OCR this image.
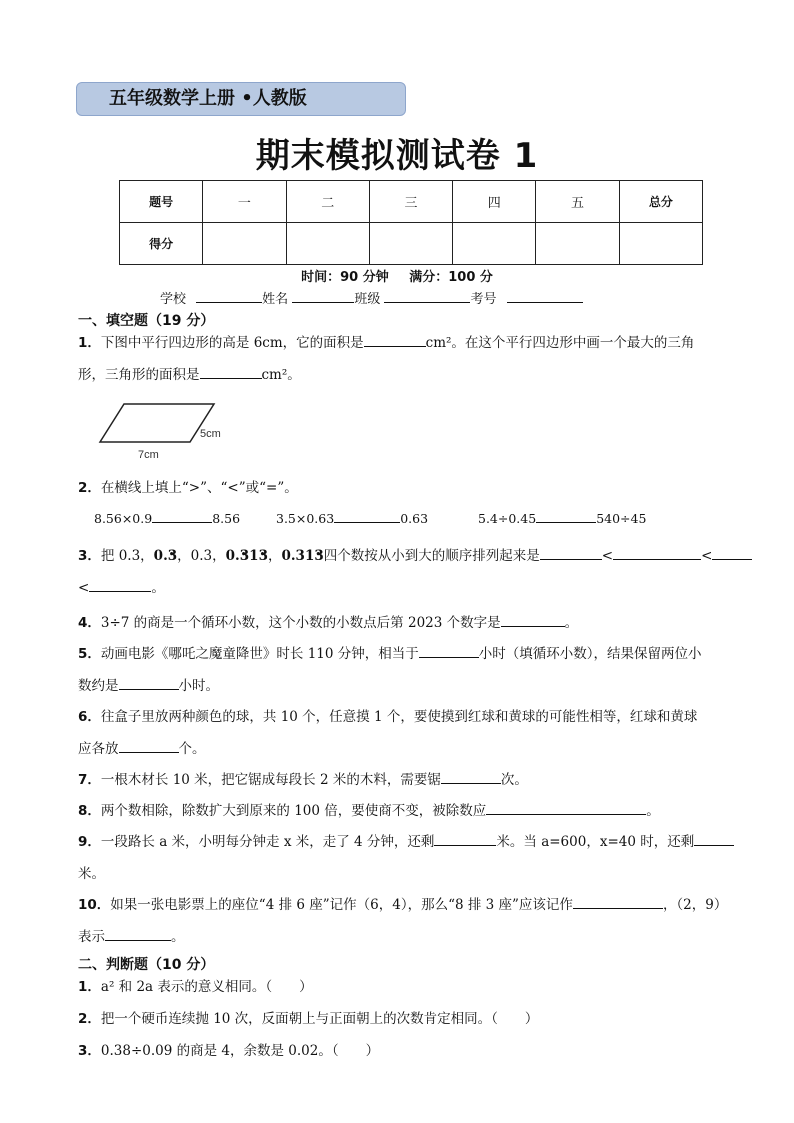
五年级数学上册 •人教版
期末模拟测试卷 1
题号	一	二	三	四	五	总分
得分						
时间：90 分钟 满分：100 分
学校	姓名	班级	考号
一、填空题（19 分）
1．下图中平行四边形的高是 6cm，它的面积是	cm²。在这个平行四边形中画一个最大的三角
形，三角形的面积是	cm²。
5cm
7cm
2．在横线上填上“>”、“<”或“=”。
8.56×0.9	8.56	3.5×0.63	0.63	5.4÷0.45	540÷45
3．把 0.3，0.• 3，0.3，0.• 31• 3，0.31• 3四个数按从小到大的顺序排列起来是	<	<
<	。
4．3÷7 的商是一个循环小数，这个小数的小数点后第 2023 个数字是	。
5．动画电影《哪吒之魔童降世》时长 110 分钟，相当于	小时（填循环小数），结果保留两位小
数约是	小时。
6．往盒子里放两种颜色的球，共 10 个，任意摸 1 个，要使摸到红球和黄球的可能性相等，红球和黄球
应各放	个。
7．一根木材长 10 米，把它锯成每段长 2 米的木料，需要锯	次。
8．两个数相除，除数扩大到原来的 100 倍，要使商不变，被除数应	。
9．一段路长 a 米，小明每分钟走 x 米，走了 4 分钟，还剩	米。当 a=600，x=40 时，还剩
米。
10．如果一张电影票上的座位“4 排 6 座”记作（6，4），那么“8 排 3 座”应该记作	，（2，9）
表示	。
二、判断题（10 分）
1．a² 和 2a 表示的意义相同。（　　）
2．把一个硬币连续抛 10 次，反面朝上与正面朝上的次数肯定相同。（　　）
3．0.38÷0.09 的商是 4，余数是 0.02。（　　）
